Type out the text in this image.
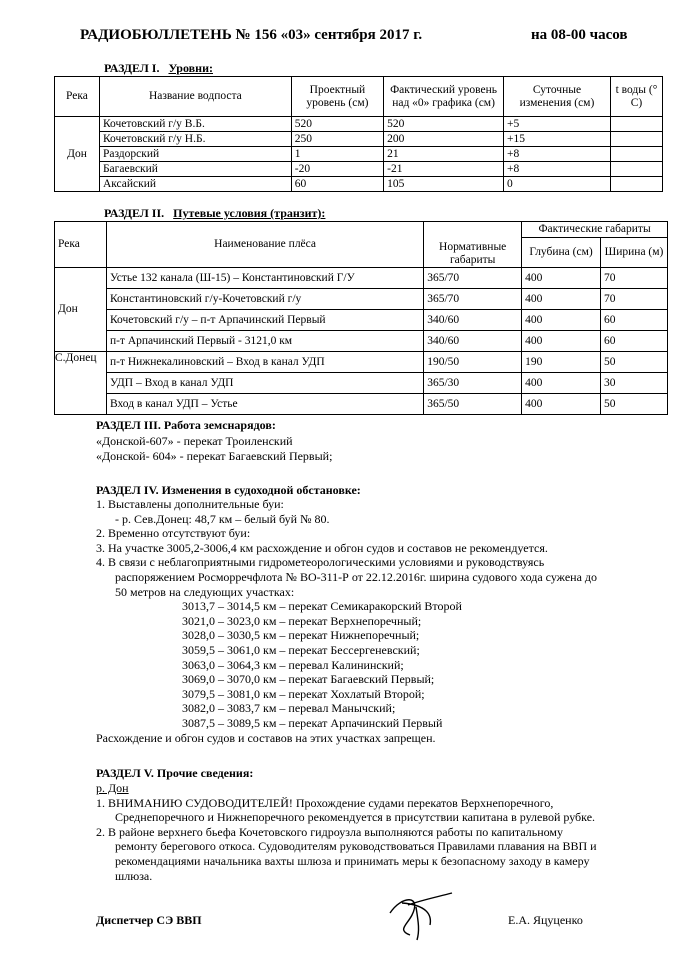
РАДИОБЮЛЛЕТЕНЬ № 156 «03» сентября 2017 г.	на 08-00 часов
РАЗДЕЛ I. Уровни:
Река	Название водпоста	Проектный уровень (см)	Фактический уровень над «0» графика (см)	Суточные изменения (см)	t воды (° С)
Дон	Кочетовский г/у В.Б.	520	520	+5	
	Кочетовский г/у Н.Б.	250	200	+15	
	Раздорский	1	21	+8	
	Багаевский	-20	-21	+8	
	Аксайский	60	105	0	
РАЗДЕЛ II. Путевые условия (транзит):
Река	Наименование плёса	Нормативные габариты	Фактические габариты	
			Глубина (см)	Ширина (м)
Дон	Устье 132 канала (Ш-15) – Константиновский Г/У	365/70	400	70
	Константиновский г/у-Кочетовский г/у	365/70	400	70
	Кочетовский г/у – п-т Арпачинский Первый	340/60	400	60
	п-т Арпачинский Первый - 3121,0 км	340/60	400	60
С.Донец	п-т Нижнекалиновский – Вход в канал УДП	190/50	190	50
	УДП – Вход в канал УДП	365/30	400	30
	Вход в канал УДП – Устье	365/50	400	50
РАЗДЕЛ III. Работа земснарядов:
«Донской-607» - перекат Троиленский
«Донской- 604» - перекат Багаевский Первый;
РАЗДЕЛ IV. Изменения в судоходной обстановке:
1. Выставлены дополнительные буи:
- р. Сев.Донец: 48,7 км – белый буй № 80.
2. Временно отсутствуют буи:
3. На участке 3005,2-3006,4 км расхождение и обгон судов и составов не рекомендуется.
4. В связи с неблагоприятными гидрометеорологическими условиями и руководствуясь
распоряжением Росморречфлота № ВО-311-Р от 22.12.2016г. ширина судового хода сужена до
50 метров на следующих участках:
3013,7 – 3014,5 км – перекат Семикаракорский Второй
3021,0 – 3023,0 км – перекат Верхнепоречный;
3028,0 – 3030,5 км – перекат Нижнепоречный;
3059,5 – 3061,0 км – перекат Бессергеневский;
3063,0 – 3064,3 км – перевал Калининский;
3069,0 – 3070,0 км – перекат Багаевский Первый;
3079,5 – 3081,0 км – перекат Хохлатый Второй;
3082,0 – 3083,7 км – перевал Манычский;
3087,5 – 3089,5 км – перекат Арпачинский Первый
Расхождение и обгон судов и составов на этих участках запрещен.
РАЗДЕЛ V. Прочие сведения:
р. Дон
1. ВНИМАНИЮ СУДОВОДИТЕЛЕЙ! Прохождение судами перекатов Верхнепоречного,
Среднепоречного и Нижнепоречного рекомендуется в присутствии капитана в рулевой рубке.
2. В районе верхнего бьефа Кочетовского гидроузла выполняются работы по капитальному
ремонту берегового откоса. Судоводителям руководствоваться Правилами плавания на ВВП и
рекомендациями начальника вахты шлюза и принимать меры к безопасному заходу в камеру
шлюза.
Диспетчер СЭ ВВП	Е.А. Яцуценко
